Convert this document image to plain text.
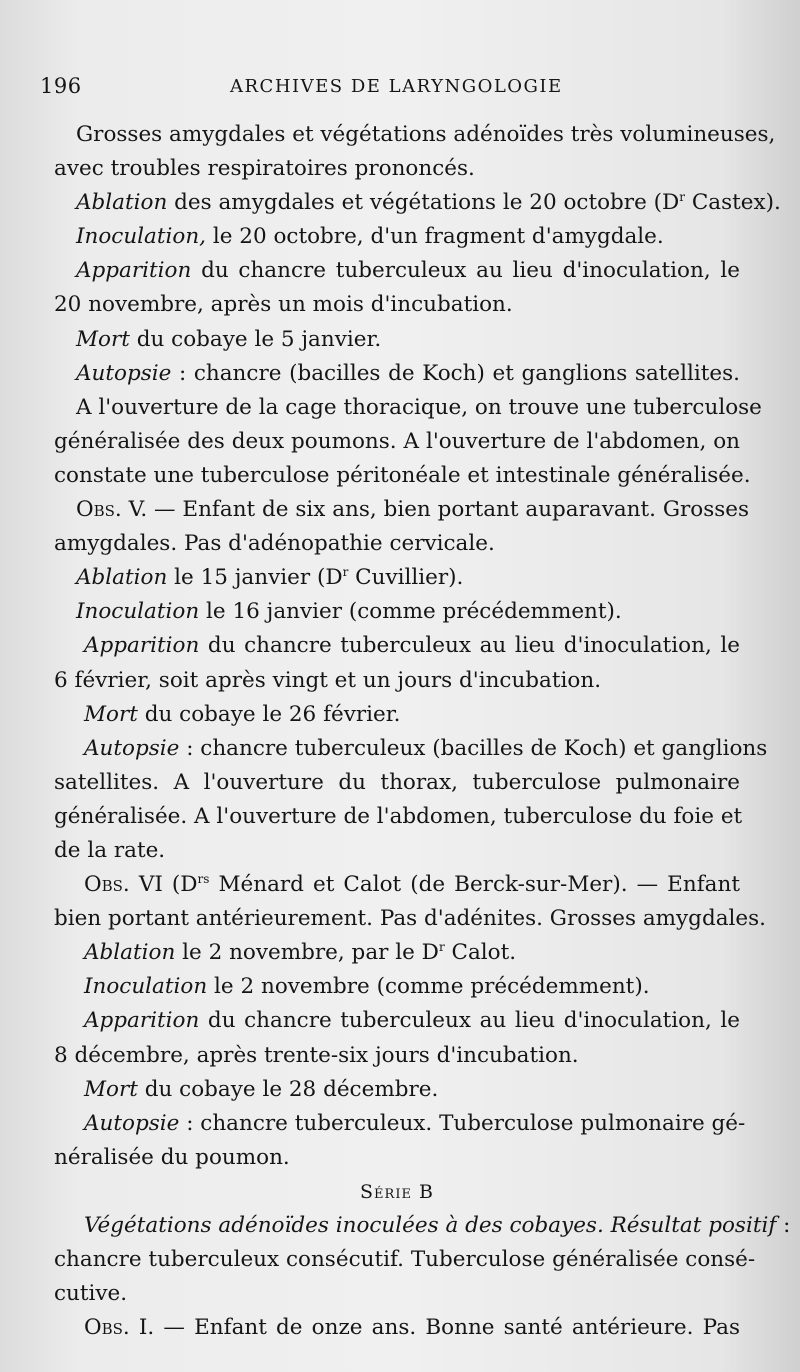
196	ARCHIVES DE LARYNGOLOGIE
Grosses amygdales et végétations adénoïdes très volumineuses,
avec troubles respiratoires prononcés.
Ablation des amygdales et végétations le 20 octobre ($D^r$ Castex).
Inoculation, le 20 octobre, d'un fragment d'amygdale.
Apparition du chancre tuberculeux au lieu d'inoculation, le
20 novembre, après un mois d'incubation.
Mort du cobaye le 5 janvier.
Autopsie : chancre (bacilles de Koch) et ganglions satellites.
A l'ouverture de la cage thoracique, on trouve une tuberculose
généralisée des deux poumons. A l'ouverture de l'abdomen, on
constate une tuberculose péritonéale et intestinale généralisée.
Obs. V. — Enfant de six ans, bien portant auparavant. Grosses
amygdales. Pas d'adénopathie cervicale.
Ablation le 15 janvier ($D^r$ Cuvillier).
Inoculation le 16 janvier (comme précédemment).
Apparition du chancre tuberculeux au lieu d'inoculation, le
6 février, soit après vingt et un jours d'incubation.
Mort du cobaye le 26 février.
Autopsie : chancre tuberculeux (bacilles de Koch) et ganglions
satellites. A l'ouverture du thorax, tuberculose pulmonaire
généralisée. A l'ouverture de l'abdomen, tuberculose du foie et
de la rate.
Obs. VI ($D^{rs}$ Ménard et Calot (de Berck-sur-Mer). — Enfant
bien portant antérieurement. Pas d'adénites. Grosses amygdales.
Ablation le 2 novembre, par le $D^r$ Calot.
Inoculation le 2 novembre (comme précédemment).
Apparition du chancre tuberculeux au lieu d'inoculation, le
8 décembre, après trente-six jours d'incubation.
Mort du cobaye le 28 décembre.
Autopsie : chancre tuberculeux. Tuberculose pulmonaire gé-
néralisée du poumon.
Série B
Végétations adénoïdes inoculées à des cobayes. Résultat positif :
chancre tuberculeux consécutif. Tuberculose généralisée consé-
cutive.
Obs. I. — Enfant de onze ans. Bonne santé antérieure. Pas
